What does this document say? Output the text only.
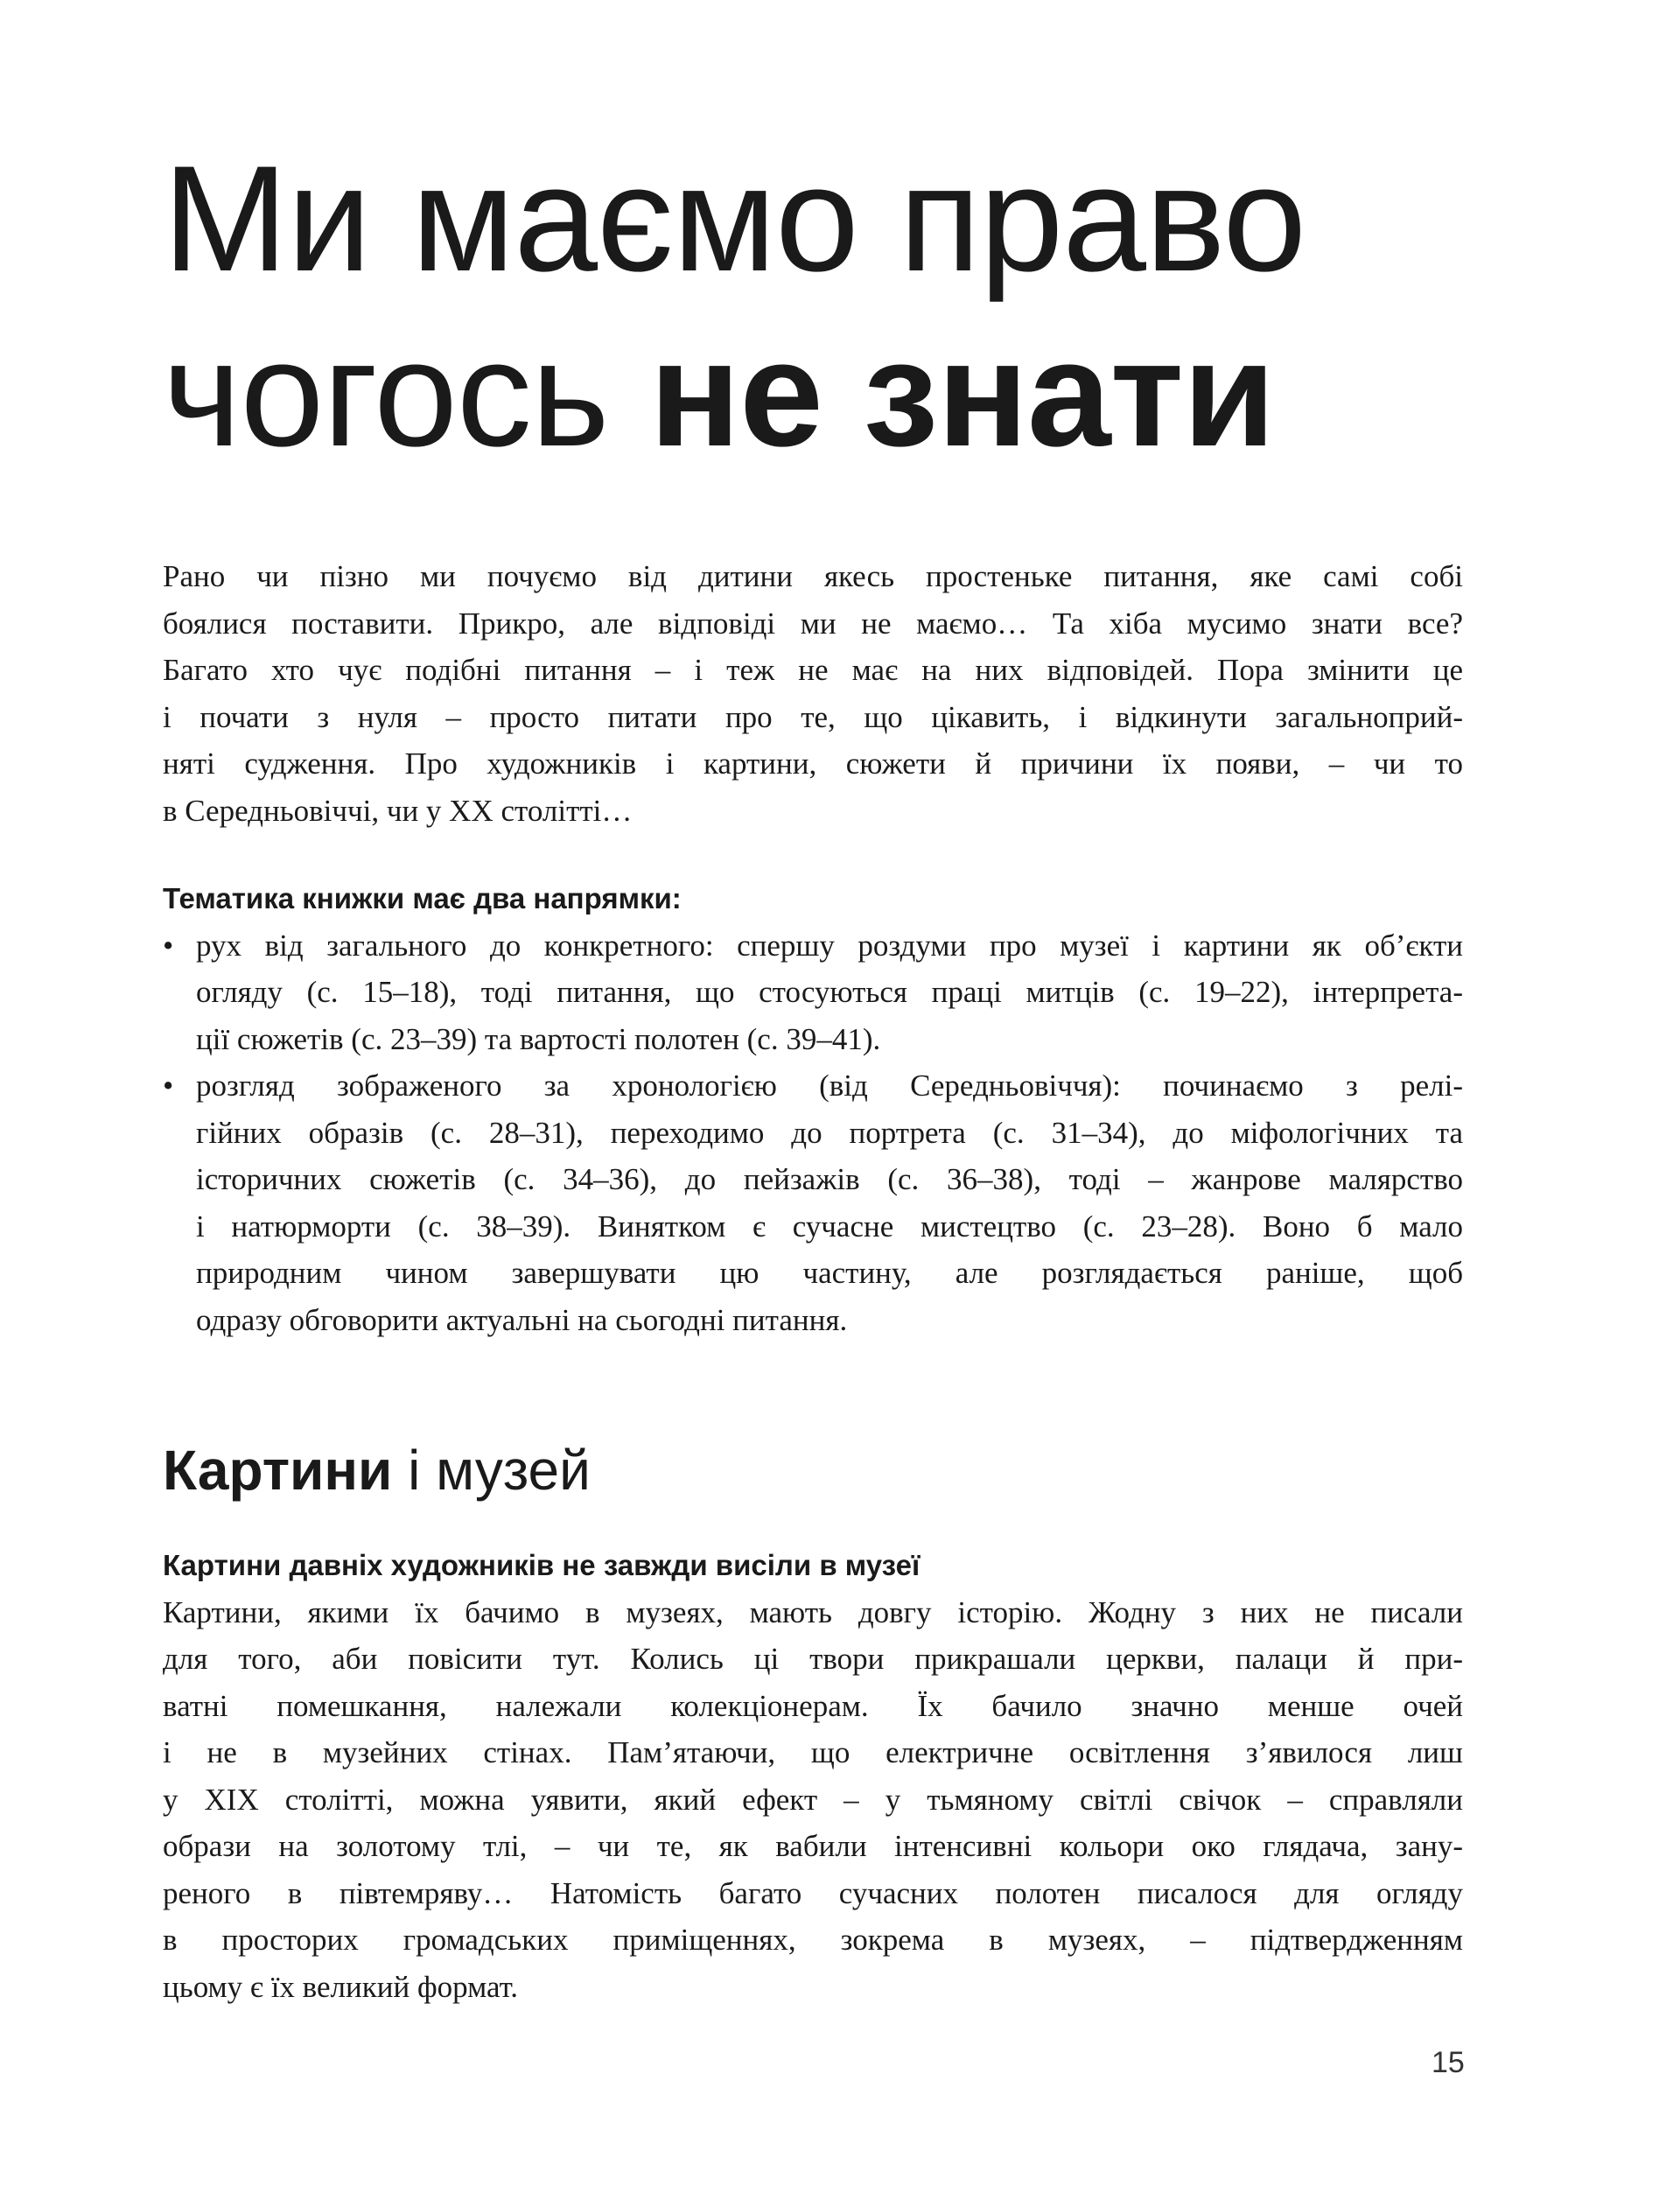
Ми маємо право
чогось не знати
Рано чи пізно ми почуємо від дитини якесь простеньке питання, яке самі собі
боялися поставити. Прикро, але відповіді ми не маємо… Та хіба мусимо знати все?
Багато хто чує подібні питання – і теж не має на них відповідей. Пора змінити це
і почати з нуля – просто питати про те, що цікавить, і відкинути загальноприй-
няті судження. Про художників і картини, сюжети й причини їх появи, – чи то
в Середньовіччі, чи у ХХ столітті…
Тематика книжки має два напрямки:
• рух від загального до конкретного: спершу роздуми про музеї і картини як об’єкти
огляду (с. 15–18), тоді питання, що стосуються праці митців (с. 19–22), інтерпрета-
ції сюжетів (с. 23–39) та вартості полотен (с. 39–41).
• розгляд зображеного за хронологією (від Середньовіччя): починаємо з релі-
гійних образів (с. 28–31), переходимо до портрета (с. 31–34), до міфологічних та
історичних сюжетів (с. 34–36), до пейзажів (с. 36–38), тоді – жанрове малярство
і натюрморти (с. 38–39). Винятком є сучасне мистецтво (с. 23–28). Воно б мало
природним чином завершувати цю частину, але розглядається раніше, щоб
одразу обговорити актуальні на сьогодні питання.
Картини і музей
Картини давніх художників не завжди висіли в музеї
Картини, якими їх бачимо в музеях, мають довгу історію. Жодну з них не писали
для того, аби повісити тут. Колись ці твори прикрашали церкви, палаци й при-
ватні помешкання, належали колекціонерам. Їх бачило значно менше очей
і не в музейних стінах. Пам’ятаючи, що електричне освітлення з’явилося лиш
у ХІХ столітті, можна уявити, який ефект – у тьмяному світлі свічок – справляли
образи на золотому тлі, – чи те, як вабили інтенсивні кольори око глядача, зану-
реного в півтемряву… Натомість багато сучасних полотен писалося для огляду
в просторих громадських приміщеннях, зокрема в музеях, – підтвердженням
цьому є їх великий формат.
15
